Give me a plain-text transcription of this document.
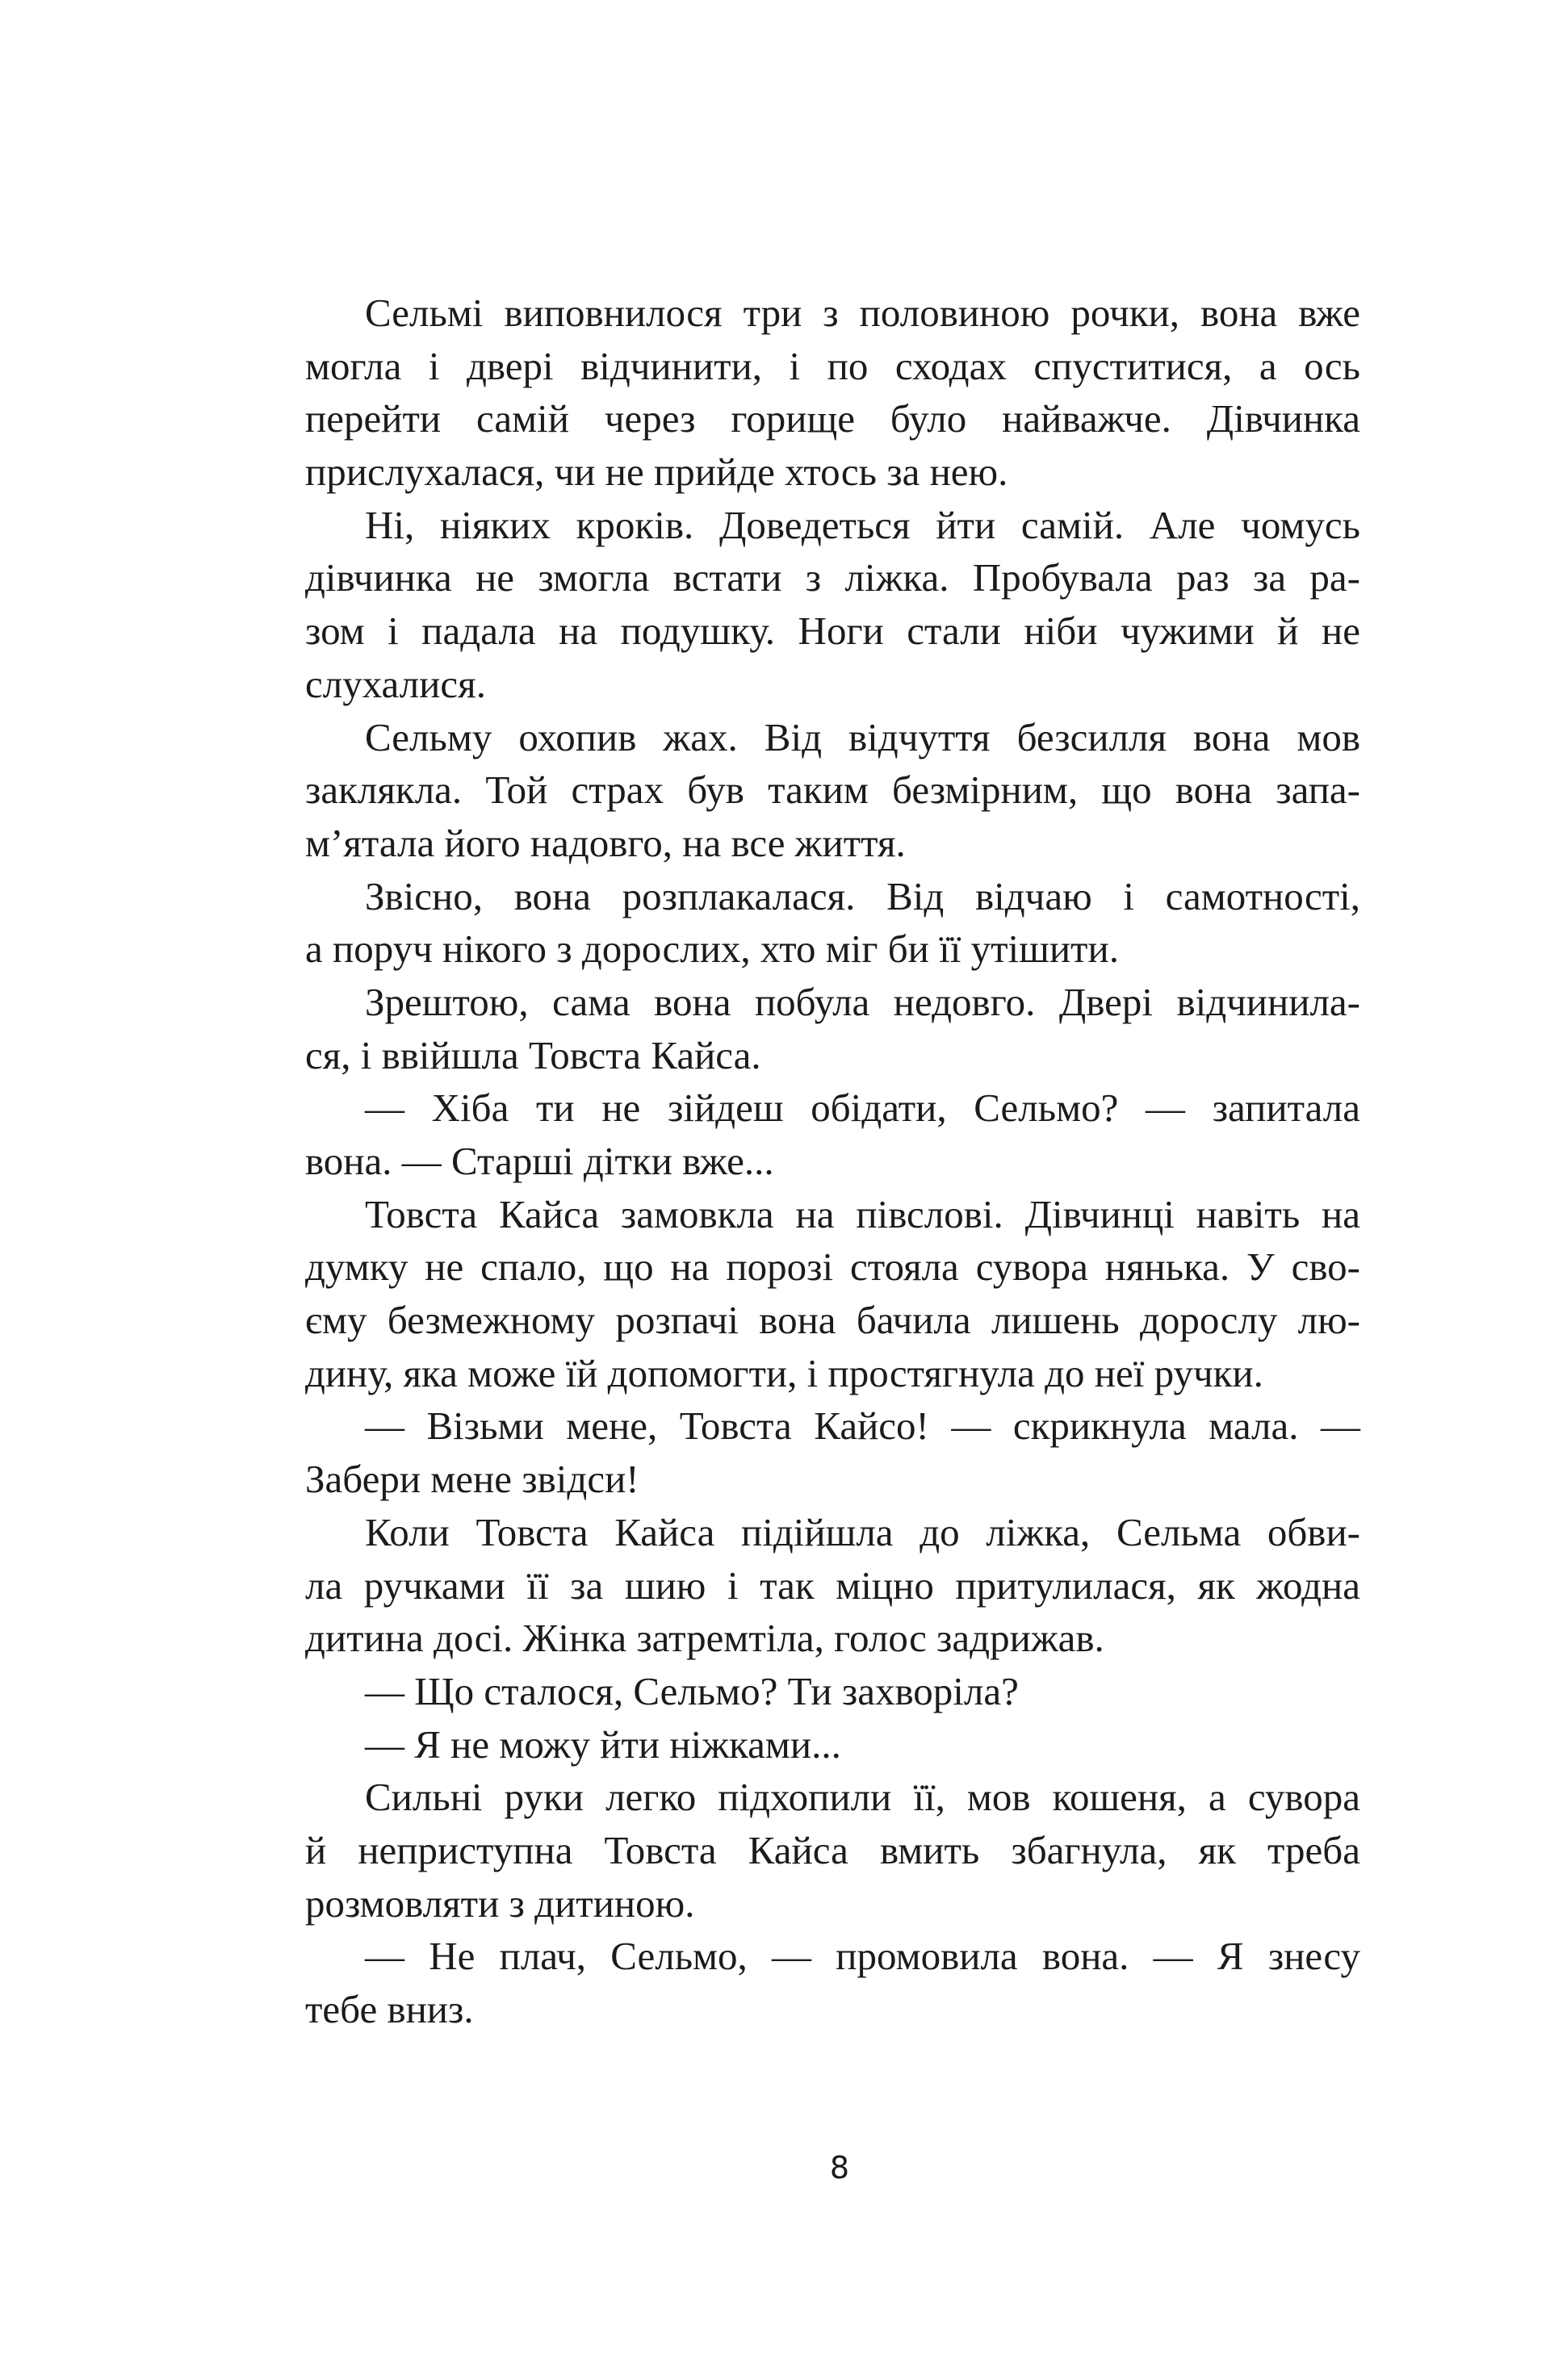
Сельмі виповнилося три з половиною рочки, вона вже
могла і двері відчинити, і по сходах спуститися, а ось
перейти самій через горище було найважче. Дівчинка
прислухалася, чи не прийде хтось за нею.
Ні, ніяких кроків. Доведеться йти самій. Але чомусь
дівчинка не змогла встати з ліжка. Пробувала раз за ра-
зом і падала на подушку. Ноги стали ніби чужими й не
слухалися.
Сельму охопив жах. Від відчуття безсилля вона мов
заклякла. Той страх був таким безмірним, що вона запа-
м’ятала його надовго, на все життя.
Звісно, вона розплакалася. Від відчаю і самотності,
а поруч нікого з дорослих, хто міг би її утішити.
Зрештою, сама вона побула недовго. Двері відчинила-
ся, і ввійшла Товста Кайса.
— Хіба ти не зійдеш обідати, Сельмо? — запитала
вона. — Старші дітки вже...
Товста Кайса замовкла на півслові. Дівчинці навіть на
думку не спало, що на порозі стояла сувора нянька. У сво-
єму безмежному розпачі вона бачила лишень дорослу лю-
дину, яка може їй допомогти, і простягнула до неї ручки.
— Візьми мене, Товста Кайсо! — скрикнула мала. —
Забери мене звідси!
Коли Товста Кайса підійшла до ліжка, Сельма обви-
ла ручками її за шию і так міцно притулилася, як жодна
дитина досі. Жінка затремтіла, голос задрижав.
— Що сталося, Сельмо? Ти захворіла?
— Я не можу йти ніжками...
Сильні руки легко підхопили її, мов кошеня, а сувора
й неприступна Товста Кайса вмить збагнула, як треба
розмовляти з дитиною.
— Не плач, Сельмо, — промовила вона. — Я знесу
тебе вниз.
8
